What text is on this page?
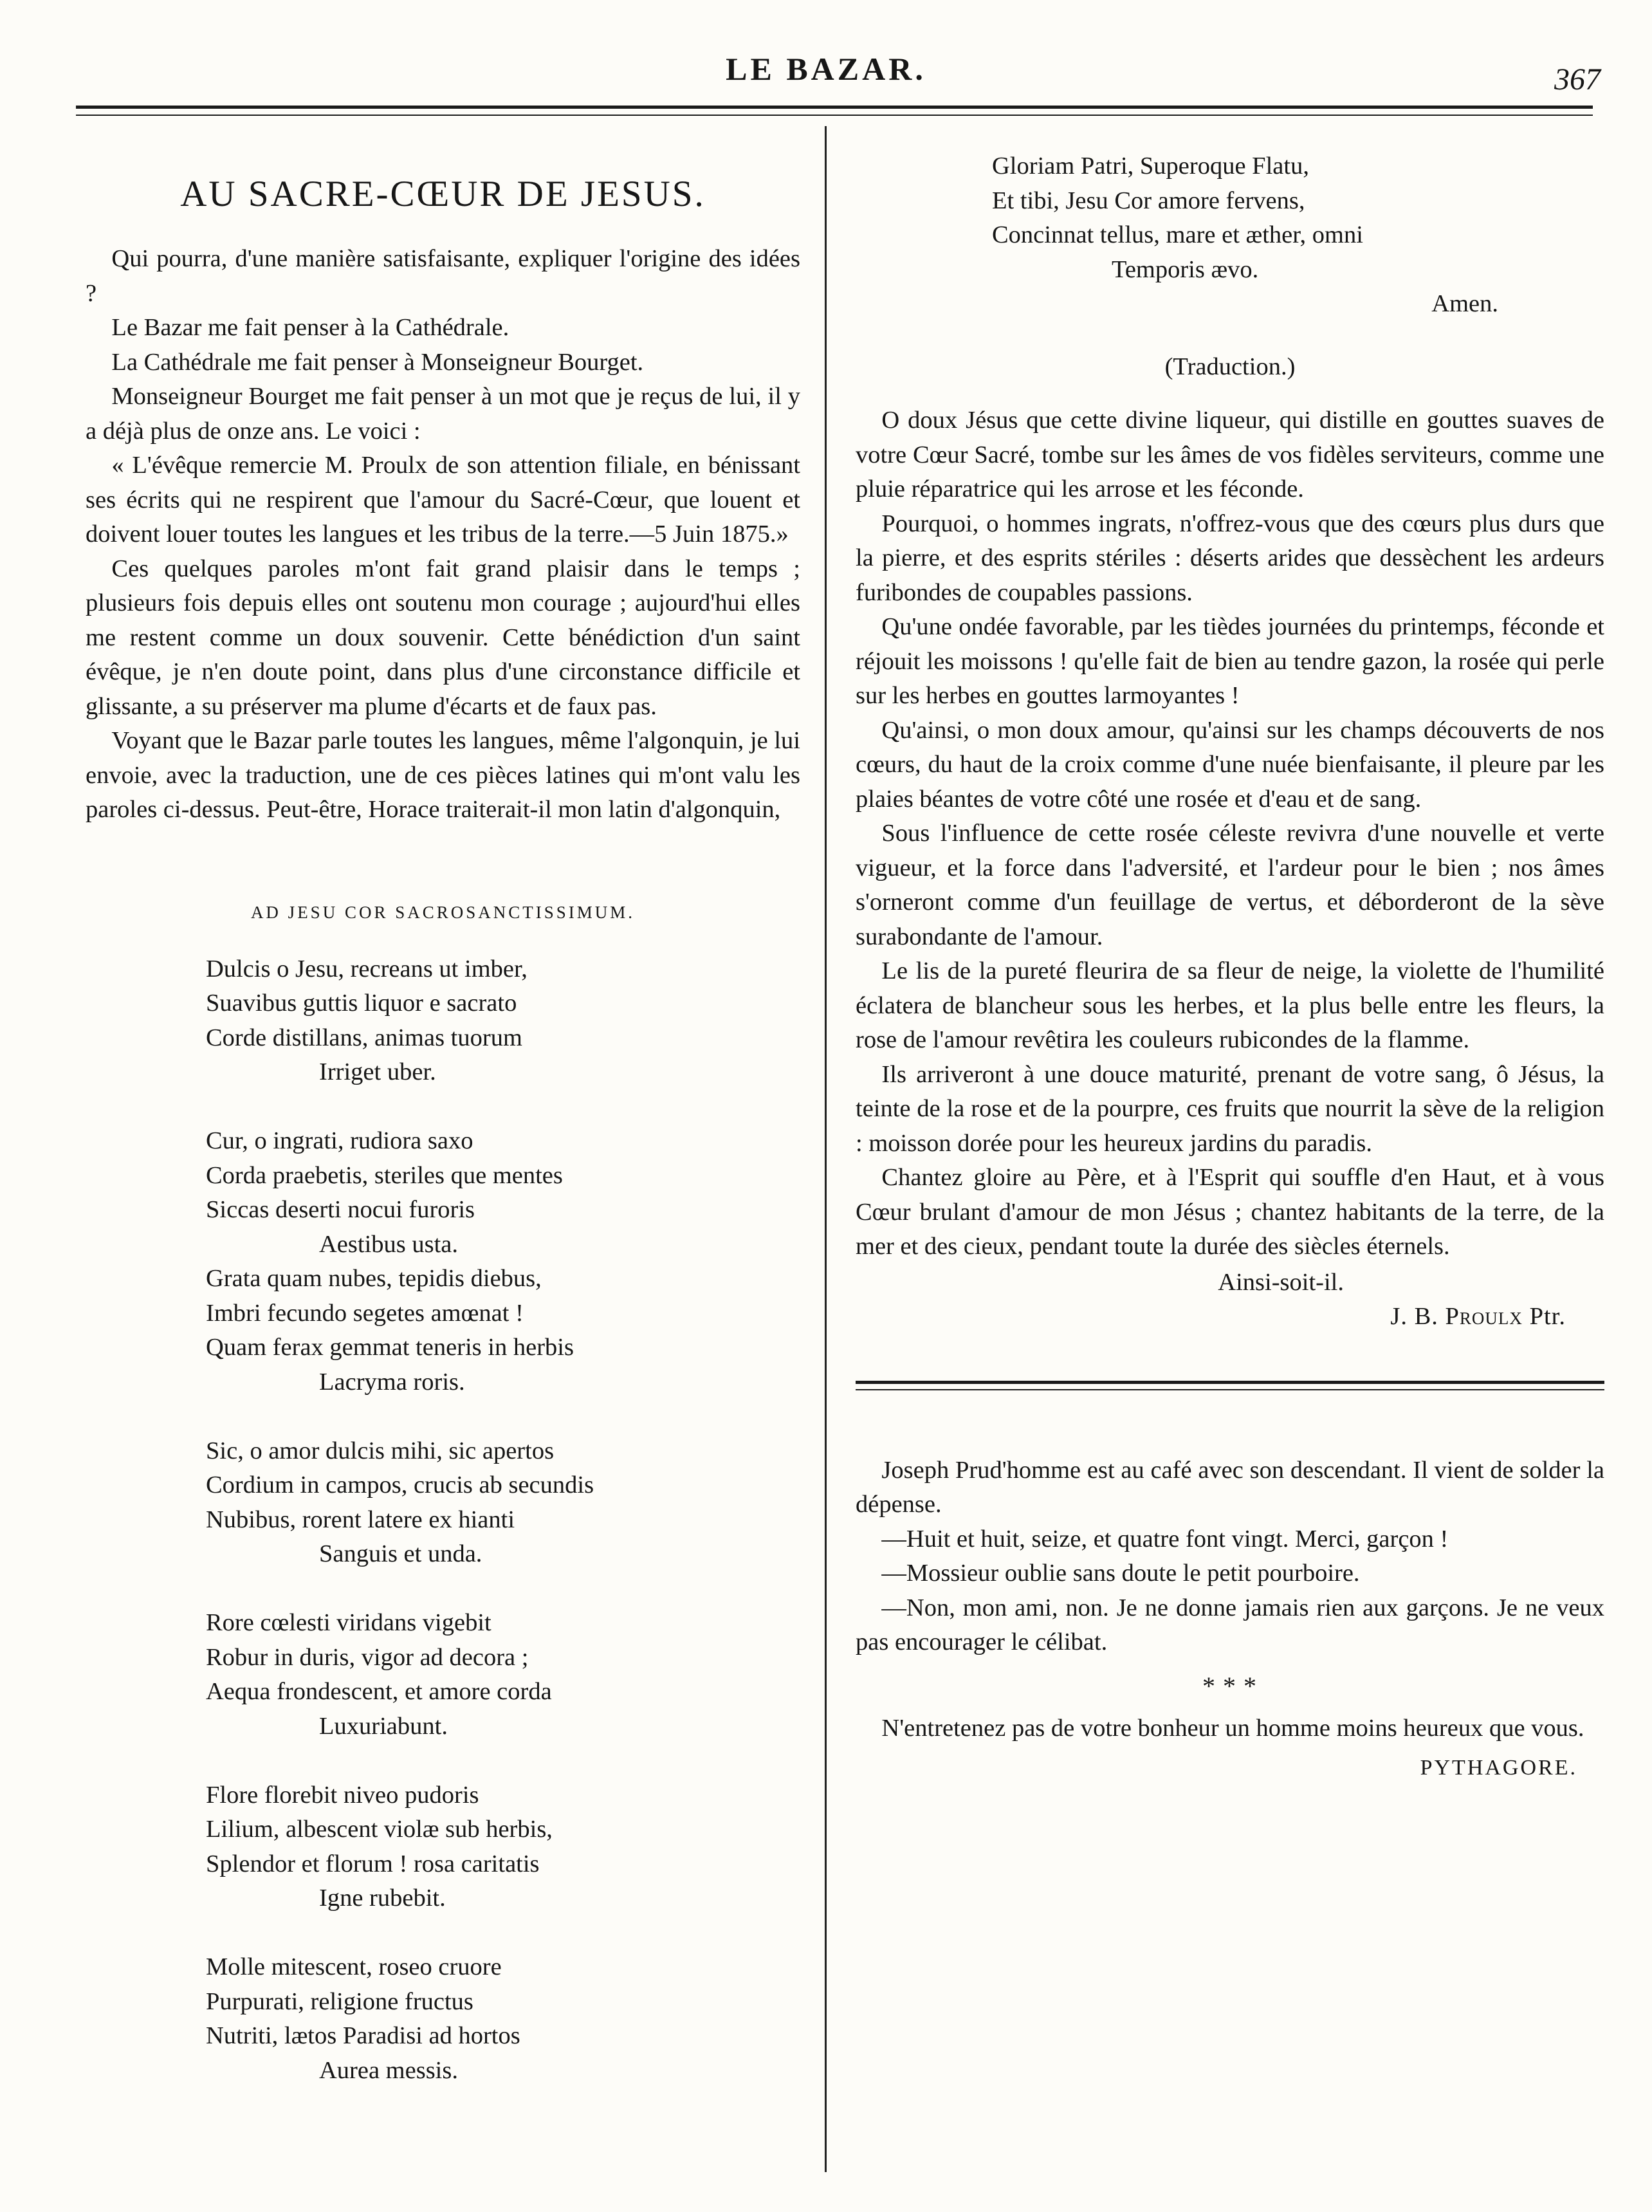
LE BAZAR.	367
AU SACRE-CŒUR DE JESUS.

Qui pourra, d'une manière satisfaisante, expliquer l'origine des idées ?

Le Bazar me fait penser à la Cathédrale.

La Cathédrale me fait penser à Monseigneur Bourget.

Monseigneur Bourget me fait penser à un mot que je reçus de lui, il y a déjà plus de onze ans. Le voici :

« L'évêque remercie M. Proulx de son attention filiale, en bénissant ses écrits qui ne respirent que l'amour du Sacré-Cœur, que louent et doivent louer toutes les langues et les tribus de la terre.—5 Juin 1875.»

Ces quelques paroles m'ont fait grand plaisir dans le temps ; plusieurs fois depuis elles ont soutenu mon courage ; aujourd'hui elles me restent comme un doux souvenir. Cette bénédiction d'un saint évêque, je n'en doute point, dans plus d'une circonstance difficile et glissante, a su préserver ma plume d'écarts et de faux pas.

Voyant que le Bazar parle toutes les langues, même l'algonquin, je lui envoie, avec la traduction, une de ces pièces latines qui m'ont valu les paroles ci-dessus. Peut-être, Horace traiterait-il mon latin d'algonquin,

AD JESU COR SACROSANCTISSIMUM.
Dulcis o Jesu, recreans ut imber,
Suavibus guttis liquor e sacrato
Corde distillans, animas tuorum
Irriget uber.
Cur, o ingrati, rudiora saxo
Corda praebetis, steriles que mentes
Siccas deserti nocui furoris
Aestibus usta.
Grata quam nubes, tepidis diebus,
Imbri fecundo segetes amœnat !
Quam ferax gemmat teneris in herbis
Lacryma roris.
Sic, o amor dulcis mihi, sic apertos
Cordium in campos, crucis ab secundis
Nubibus, rorent latere ex hianti
Sanguis et unda.
Rore cœlesti viridans vigebit
Robur in duris, vigor ad decora ;
Aequa frondescent, et amore corda
Luxuriabunt.
Flore florebit niveo pudoris
Lilium, albescent violæ sub herbis,
Splendor et florum ! rosa caritatis
Igne rubebit.
Molle mitescent, roseo cruore
Purpurati, religione fructus
Nutriti, lætos Paradisi ad hortos
Aurea messis.
Gloriam Patri, Superoque Flatu,
Et tibi, Jesu Cor amore fervens,
Concinnat tellus, mare et æther, omni
Temporis ævo.
Amen.
(Traduction.)

O doux Jésus que cette divine liqueur, qui distille en gouttes suaves de votre Cœur Sacré, tombe sur les âmes de vos fidèles serviteurs, comme une pluie réparatrice qui les arrose et les féconde.

Pourquoi, o hommes ingrats, n'offrez-vous que des cœurs plus durs que la pierre, et des esprits stériles : déserts arides que dessèchent les ardeurs furibondes de coupables passions.

Qu'une ondée favorable, par les tièdes journées du printemps, féconde et réjouit les moissons ! qu'elle fait de bien au tendre gazon, la rosée qui perle sur les herbes en gouttes larmoyantes !

Qu'ainsi, o mon doux amour, qu'ainsi sur les champs découverts de nos cœurs, du haut de la croix comme d'une nuée bienfaisante, il pleure par les plaies béantes de votre côté une rosée et d'eau et de sang.

Sous l'influence de cette rosée céleste revivra d'une nouvelle et verte vigueur, et la force dans l'adversité, et l'ardeur pour le bien ; nos âmes s'orneront comme d'un feuillage de vertus, et déborderont de la sève surabondante de l'amour.

Le lis de la pureté fleurira de sa fleur de neige, la violette de l'humilité éclatera de blancheur sous les herbes, et la plus belle entre les fleurs, la rose de l'amour revêtira les couleurs rubicondes de la flamme.

Ils arriveront à une douce maturité, prenant de votre sang, ô Jésus, la teinte de la rose et de la pourpre, ces fruits que nourrit la sève de la religion : moisson dorée pour les heureux jardins du paradis.

Chantez gloire au Père, et à l'Esprit qui souffle d'en Haut, et à vous Cœur brulant d'amour de mon Jésus ; chantez habitants de la terre, de la mer et des cieux, pendant toute la durée des siècles éternels.

Ainsi-soit-il.
J. B. Proulx Ptr.

Joseph Prud'homme est au café avec son descendant. Il vient de solder la dépense.

—Huit et huit, seize, et quatre font vingt. Merci, garçon !

—Mossieur oublie sans doute le petit pourboire.

—Non, mon ami, non. Je ne donne jamais rien aux garçons. Je ne veux pas encourager le célibat.

* * *

N'entretenez pas de votre bonheur un homme moins heureux que vous.

PYTHAGORE.
